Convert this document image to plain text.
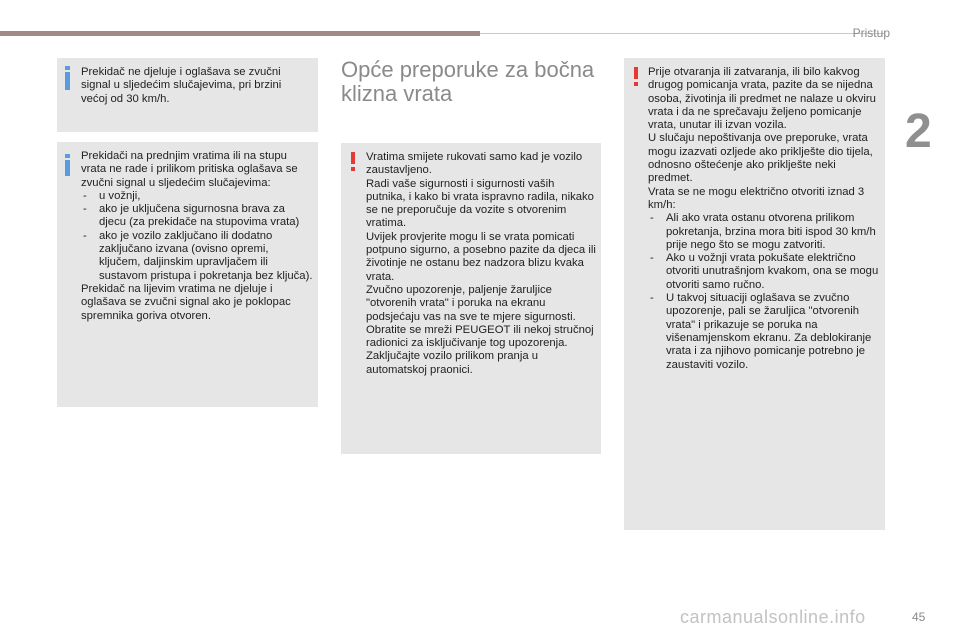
Pristup
2

Prekidač ne djeluje i oglašava se zvučni signal u sljedećim slučajevima, pri brzini većoj od 30 km/h.

Prekidači na prednjim vratima ili na stupu vrata ne rade i prilikom pritiska oglašava se zvučni signal u sljedećim slučajevima:

- u vožnji,
- ako je uključena sigurnosna brava za djecu (za prekidače na stupovima vrata)
- ako je vozilo zaključano ili dodatno zaključano izvana (ovisno opremi, ključem, daljinskim upravljačem ili sustavom pristupa i pokretanja bez ključa).

Prekidač na lijevim vratima ne djeluje i oglašava se zvučni signal ako je poklopac spremnika goriva otvoren.

Opće preporuke za bočna klizna vrata

Vratima smijete rukovati samo kad je vozilo zaustavljeno.

Radi vaše sigurnosti i sigurnosti vaših putnika, i kako bi vrata ispravno radila, nikako se ne preporučuje da vozite s otvorenim vratima.

Uvijek provjerite mogu li se vrata pomicati potpuno sigurno, a posebno pazite da djeca ili životinje ne ostanu bez nadzora blizu kvaka vrata.

Zvučno upozorenje, paljenje žaruljice "otvorenih vrata" i poruka na ekranu podsjećaju vas na sve te mjere sigurnosti.

Obratite se mreži PEUGEOT ili nekoj stručnoj radionici za isključivanje tog upozorenja.

Zaključajte vozilo prilikom pranja u automatskoj praonici.

Prije otvaranja ili zatvaranja, ili bilo kakvog drugog pomicanja vrata, pazite da se nijedna osoba, životinja ili predmet ne nalaze u okviru vrata i da ne sprečavaju željeno pomicanje vrata, unutar ili izvan vozila.

U slučaju nepoštivanja ove preporuke, vrata mogu izazvati ozljede ako priklješte dio tijela, odnosno oštećenje ako priklješte neki predmet.

Vrata se ne mogu električno otvoriti iznad 3 km/h:

- Ali ako vrata ostanu otvorena prilikom pokretanja, brzina mora biti ispod 30 km/h prije nego što se mogu zatvoriti.
- Ako u vožnji vrata pokušate električno otvoriti unutrašnjom kvakom, ona se mogu otvoriti samo ručno.
- U takvoj situaciji oglašava se zvučno upozorenje, pali se žaruljica "otvorenih vrata" i prikazuje se poruka na višenamjenskom ekranu. Za deblokiranje vrata i za njihovo pomicanje potrebno je zaustaviti vozilo.
carmanualsonline.info	45
